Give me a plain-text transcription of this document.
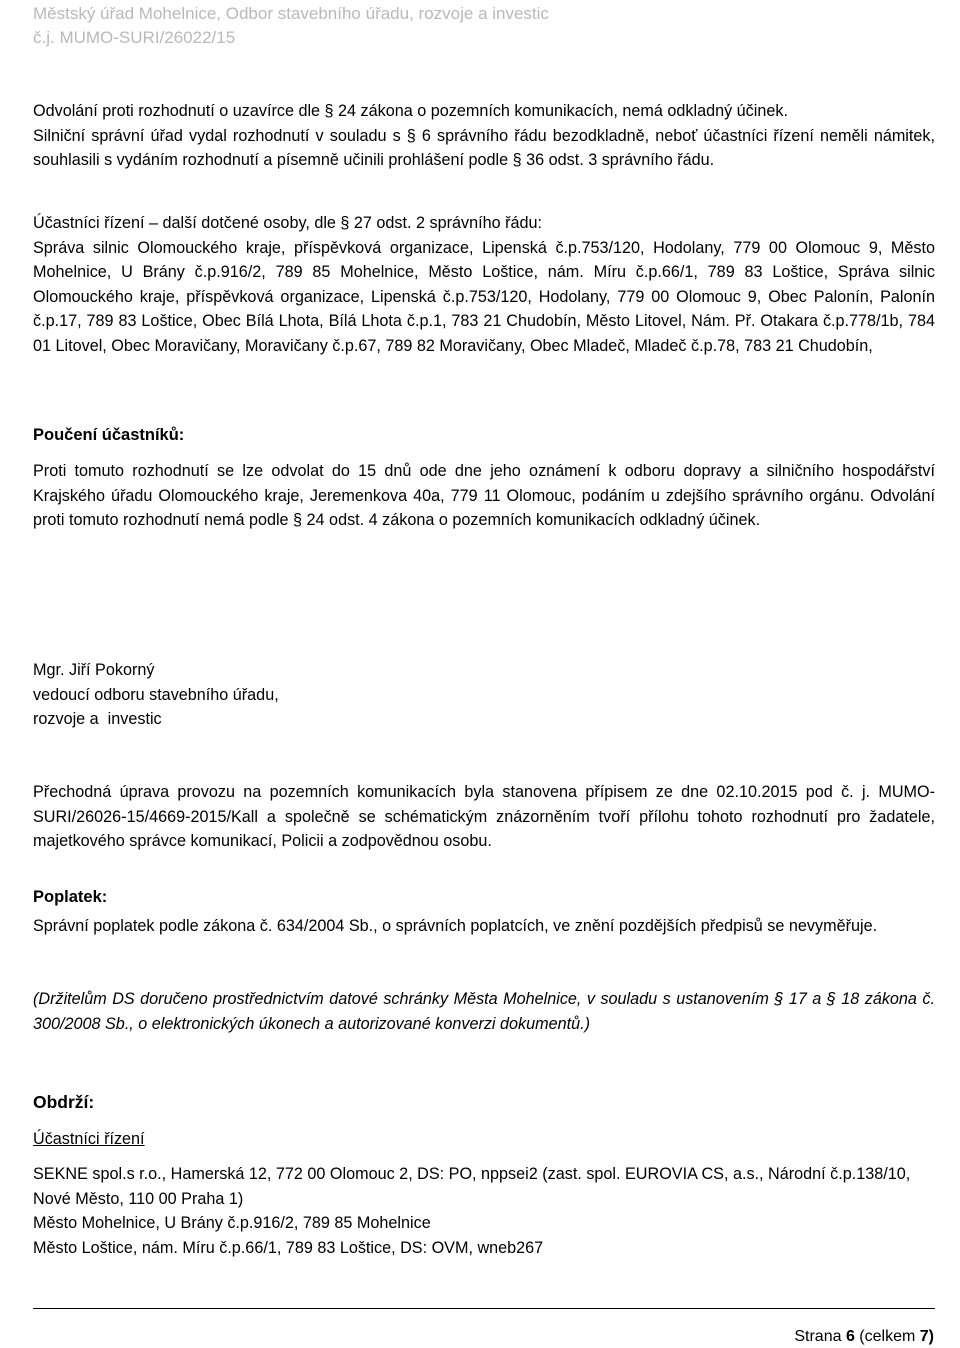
Městský úřad Mohelnice, Odbor stavebního úřadu, rozvoje a investic
č.j. MUMO-SURI/26022/15
Odvolání proti rozhodnutí o uzavírce dle § 24 zákona o pozemních komunikacích, nemá odkladný účinek.
Silniční správní úřad vydal rozhodnutí v souladu s § 6 správního řádu bezodkladně, neboť účastníci řízení neměli námitek, souhlasili s vydáním rozhodnutí a písemně učinili prohlášení podle § 36 odst. 3 správního řádu.
Účastníci řízení – další dotčené osoby, dle § 27 odst. 2 správního řádu:
Správa silnic Olomouckého kraje, příspěvková organizace, Lipenská č.p.753/120, Hodolany, 779 00 Olomouc 9, Město Mohelnice, U Brány č.p.916/2, 789 85 Mohelnice, Město Loštice, nám. Míru č.p.66/1, 789 83 Loštice, Správa silnic Olomouckého kraje, příspěvková organizace, Lipenská č.p.753/120, Hodolany, 779 00 Olomouc 9, Obec Palonín, Palonín č.p.17, 789 83 Loštice, Obec Bílá Lhota, Bílá Lhota č.p.1, 783 21 Chudobín, Město Litovel, Nám. Př. Otakara č.p.778/1b, 784 01 Litovel, Obec Moravičany, Moravičany č.p.67, 789 82 Moravičany, Obec Mladeč, Mladeč č.p.78, 783 21 Chudobín,
Poučení účastníků:
Proti tomuto rozhodnutí se lze odvolat do 15 dnů ode dne jeho oznámení k odboru dopravy a silničního hospodářství Krajského úřadu Olomouckého kraje, Jeremenkova 40a, 779 11 Olomouc, podáním u zdejšího správního orgánu. Odvolání proti tomuto rozhodnutí nemá podle § 24 odst. 4 zákona o pozemních komunikacích odkladný účinek.
Mgr. Jiří Pokorný
vedoucí odboru stavebního úřadu,
rozvoje a  investic
Přechodná úprava provozu na pozemních komunikacích byla stanovena přípisem ze dne 02.10.2015 pod č. j. MUMO-SURI/26026-15/4669-2015/Kall a společně se schématickým znázorněním tvoří přílohu tohoto rozhodnutí pro žadatele, majetkového správce komunikací, Policii a zodpovědnou osobu.
Poplatek:
Správní poplatek podle zákona č. 634/2004 Sb., o správních poplatcích, ve znění pozdějších předpisů se nevyměřuje.
(Držitelům DS doručeno prostřednictvím datové schránky Města Mohelnice, v souladu s ustanovením § 17 a § 18 zákona č. 300/2008 Sb., o elektronických úkonech a autorizované konverzi dokumentů.)
Obdrží:
Účastníci řízení
SEKNE spol.s r.o., Hamerská 12, 772 00 Olomouc 2, DS: PO, nppsei2 (zast. spol. EUROVIA CS, a.s., Národní č.p.138/10, Nové Město, 110 00 Praha 1)
Město Mohelnice, U Brány č.p.916/2, 789 85 Mohelnice
Město Loštice, nám. Míru č.p.66/1, 789 83 Loštice, DS: OVM, wneb267
Strana 6 (celkem 7)
